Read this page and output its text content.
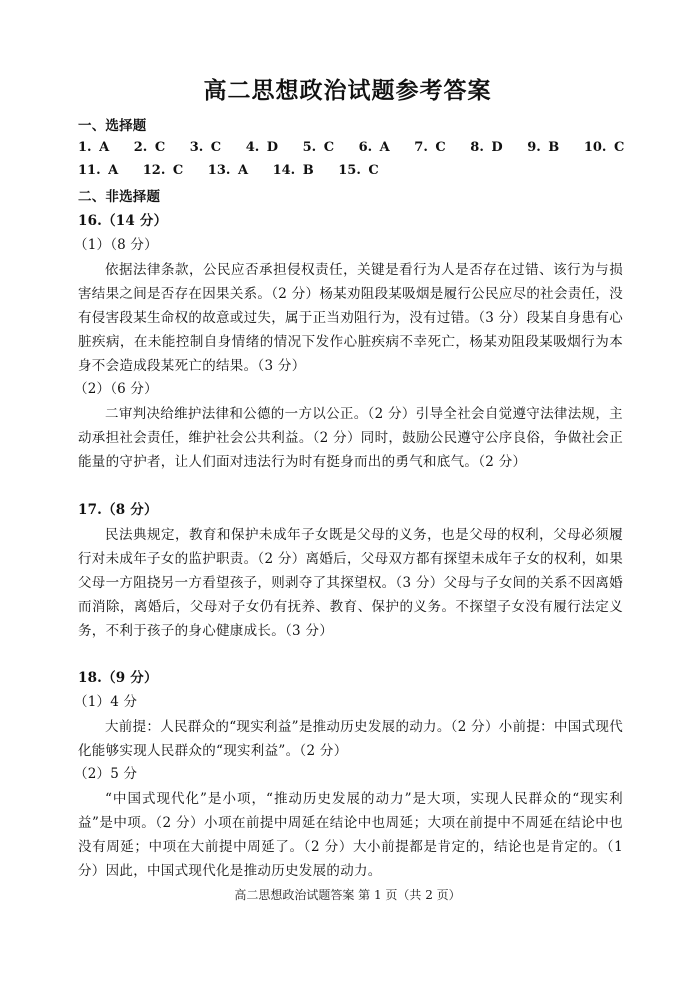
高二思想政治试题参考答案
一、选择题
1. A 2. C 3. C 4. D 5. C 6. A 7. C 8. D 9. B 10. C
11. A 12. C 13. A 14. B 15. C
二、非选择题
16.（14 分）
（1）（8 分）
依据法律条款，公民应否承担侵权责任，关键是看行为人是否存在过错、该行为与损害结果之间是否存在因果关系。（2 分）杨某劝阻段某吸烟是履行公民应尽的社会责任，没有侵害段某生命权的故意或过失，属于正当劝阻行为，没有过错。（3 分）段某自身患有心脏疾病，在未能控制自身情绪的情况下发作心脏疾病不幸死亡，杨某劝阻段某吸烟行为本身不会造成段某死亡的结果。（3 分）
（2）（6 分）
二审判决给维护法律和公德的一方以公正。（2 分）引导全社会自觉遵守法律法规，主动承担社会责任，维护社会公共利益。（2 分）同时，鼓励公民遵守公序良俗，争做社会正能量的守护者，让人们面对违法行为时有挺身而出的勇气和底气。（2 分）
17.（8 分）
民法典规定，教育和保护未成年子女既是父母的义务，也是父母的权利，父母必须履行对未成年子女的监护职责。（2 分）离婚后，父母双方都有探望未成年子女的权利，如果父母一方阻挠另一方看望孩子，则剥夺了其探望权。（3 分）父母与子女间的关系不因离婚而消除，离婚后，父母对子女仍有抚养、教育、保护的义务。不探望子女没有履行法定义务，不利于孩子的身心健康成长。（3 分）
18.（9 分）
（1）4 分
大前提：人民群众的“现实利益”是推动历史发展的动力。（2 分）小前提：中国式现代化能够实现人民群众的“现实利益”。（2 分）
（2）5 分
“中国式现代化”是小项，“推动历史发展的动力”是大项，实现人民群众的“现实利益”是中项。（2 分）小项在前提中周延在结论中也周延；大项在前提中不周延在结论中也没有周延；中项在大前提中周延了。（2 分）大小前提都是肯定的，结论也是肯定的。（1 分）因此，中国式现代化是推动历史发展的动力。
高二思想政治试题答案 第 1 页（共 2 页）
